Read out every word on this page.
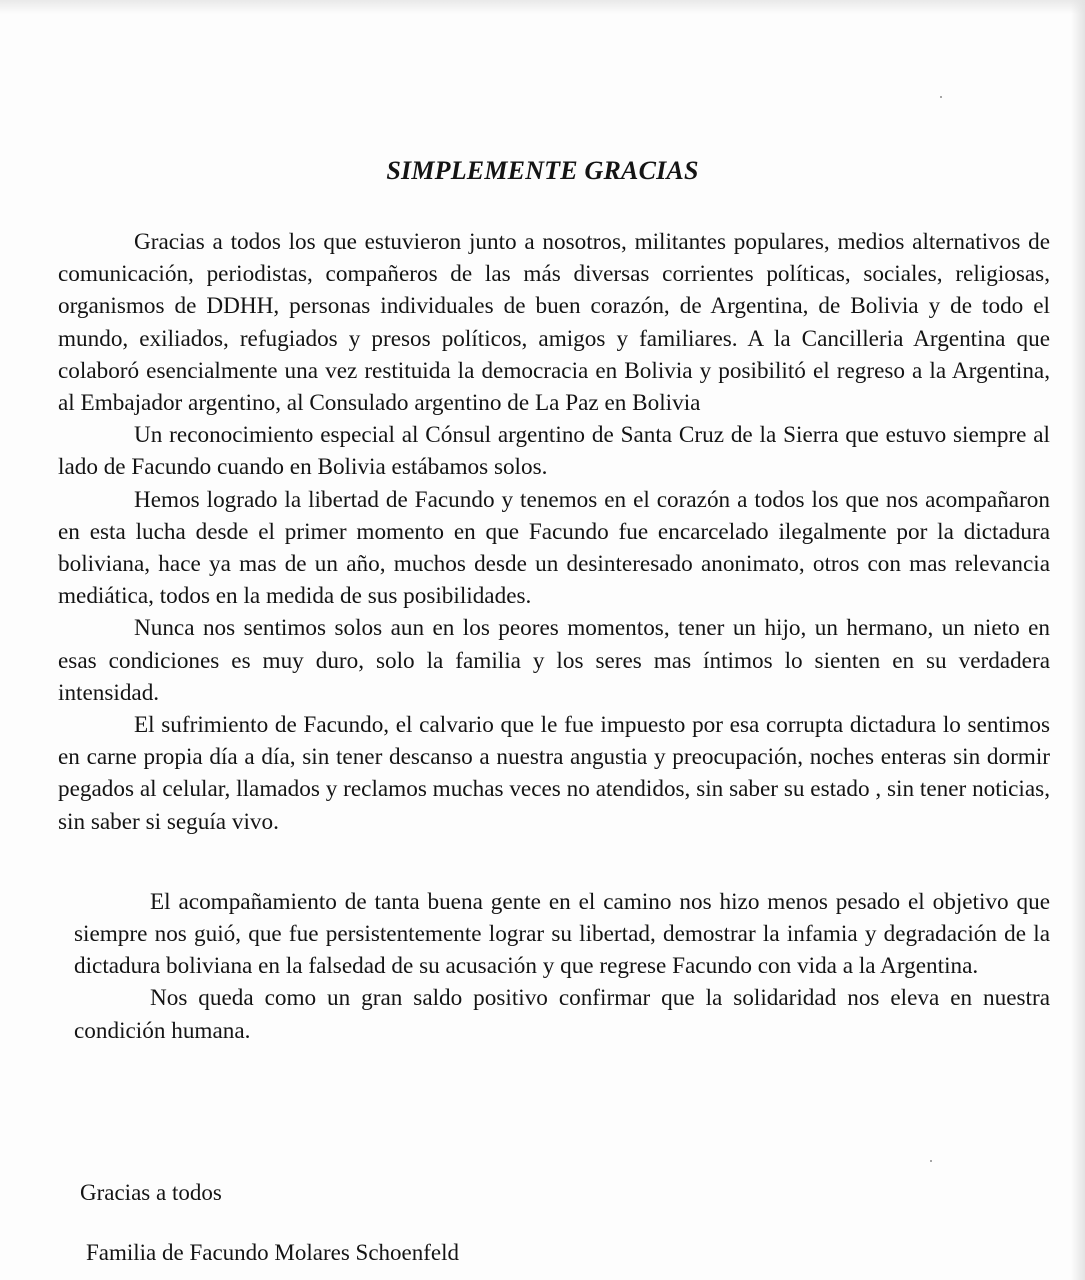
SIMPLEMENTE GRACIAS

Gracias a todos los que estuvieron junto a nosotros, militantes populares, medios alternativos de comunicación, periodistas, compañeros de las más diversas corrientes políticas, sociales, religiosas, organismos de DDHH, personas individuales de buen corazón, de Argentina, de Bolivia y de todo el mundo, exiliados, refugiados y presos políticos, amigos y familiares. A la Cancilleria Argentina que colaboró esencialmente una vez restituida la democracia en Bolivia y posibilitó el regreso a la Argentina, al Embajador argentino, al Consulado argentino de La Paz en Bolivia

Un reconocimiento especial al Cónsul argentino de Santa Cruz de la Sierra que estuvo siempre al lado de Facundo cuando en Bolivia estábamos solos.

Hemos logrado la libertad de Facundo y tenemos en el corazón a todos los que nos acompañaron en esta lucha desde el primer momento en que Facundo fue encarcelado ilegalmente por la dictadura boliviana, hace ya mas de un año, muchos desde un desinteresado anonimato, otros con mas relevancia mediática, todos en la medida de sus posibilidades.

Nunca nos sentimos solos aun en los peores momentos, tener un hijo, un hermano, un nieto en esas condiciones es muy duro, solo la familia y los seres mas íntimos lo sienten en su verdadera intensidad.

El sufrimiento de Facundo, el calvario que le fue impuesto por esa corrupta dictadura lo sentimos en carne propia día a día, sin tener descanso a nuestra angustia y preocupación, noches enteras sin dormir pegados al celular, llamados y reclamos muchas veces no atendidos, sin saber su estado , sin tener noticias, sin saber si seguía vivo.

El acompañamiento de tanta buena gente en el camino nos hizo menos pesado el objetivo que siempre nos guió, que fue persistentemente lograr su libertad, demostrar la infamia y degradación de la dictadura boliviana en la falsedad de su acusación y que regrese Facundo con vida a la Argentina.

Nos queda como un gran saldo positivo confirmar que la solidaridad nos eleva en nuestra condición humana.

Gracias a todos
Familia de Facundo Molares Schoenfeld
